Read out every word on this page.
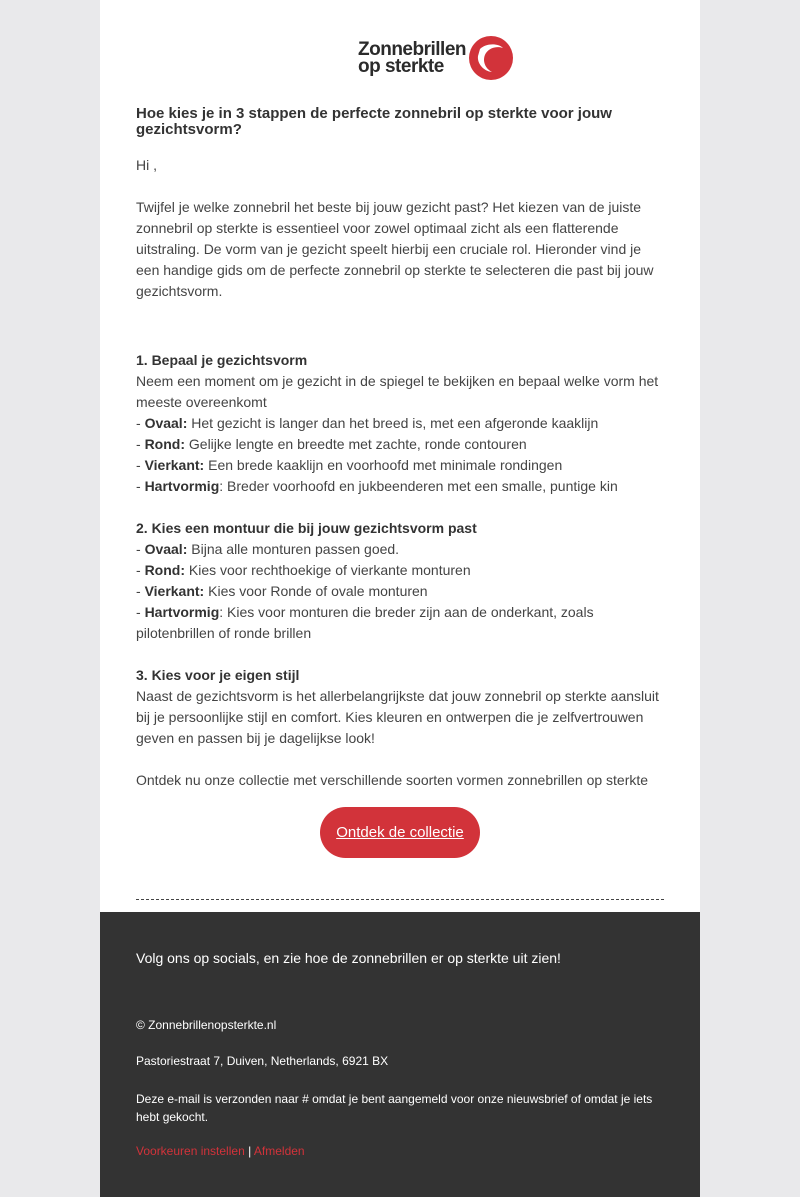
Zonnebrillen
op sterkte
Hoe kies je in 3 stappen de perfecte zonnebril op sterkte voor jouw gezichtsvorm?

Hi ,

Twijfel je welke zonnebril het beste bij jouw gezicht past? Het kiezen van de juiste zonnebril op sterkte is essentieel voor zowel optimaal zicht als een flatterende uitstraling. De vorm van je gezicht speelt hierbij een cruciale rol. Hieronder vind je een handige gids om de perfecte zonnebril op sterkte te selecteren die past bij jouw gezichtsvorm.

1. Bepaal je gezichtsvorm
Neem een moment om je gezicht in de spiegel te bekijken en bepaal welke vorm het meeste overeenkomt
- Ovaal: Het gezicht is langer dan het breed is, met een afgeronde kaaklijn
- Rond: Gelijke lengte en breedte met zachte, ronde contouren
- Vierkant: Een brede kaaklijn en voorhoofd met minimale rondingen
- Hartvormig: Breder voorhoofd en jukbeenderen met een smalle, puntige kin

2. Kies een montuur die bij jouw gezichtsvorm past
- Ovaal: Bijna alle monturen passen goed.
- Rond: Kies voor rechthoekige of vierkante monturen
- Vierkant: Kies voor Ronde of ovale monturen
- Hartvormig: Kies voor monturen die breder zijn aan de onderkant, zoals pilotenbrillen of ronde brillen

3. Kies voor je eigen stijl
Naast de gezichtsvorm is het allerbelangrijkste dat jouw zonnebril op sterkte aansluit bij je persoonlijke stijl en comfort. Kies kleuren en ontwerpen die je zelfvertrouwen geven en passen bij je dagelijkse look!

Ontdek nu onze collectie met verschillende soorten vormen zonnebrillen op sterkte

Ontdek de collectie
Volg ons op socials, en zie hoe de zonnebrillen er op sterkte uit zien!
© Zonnebrillenopsterkte.nl
Pastoriestraat 7, Duiven, Netherlands, 6921 BX
Deze e-mail is verzonden naar # omdat je bent aangemeld voor onze nieuwsbrief of omdat je iets hebt gekocht.
Voorkeuren instellen | Afmelden
